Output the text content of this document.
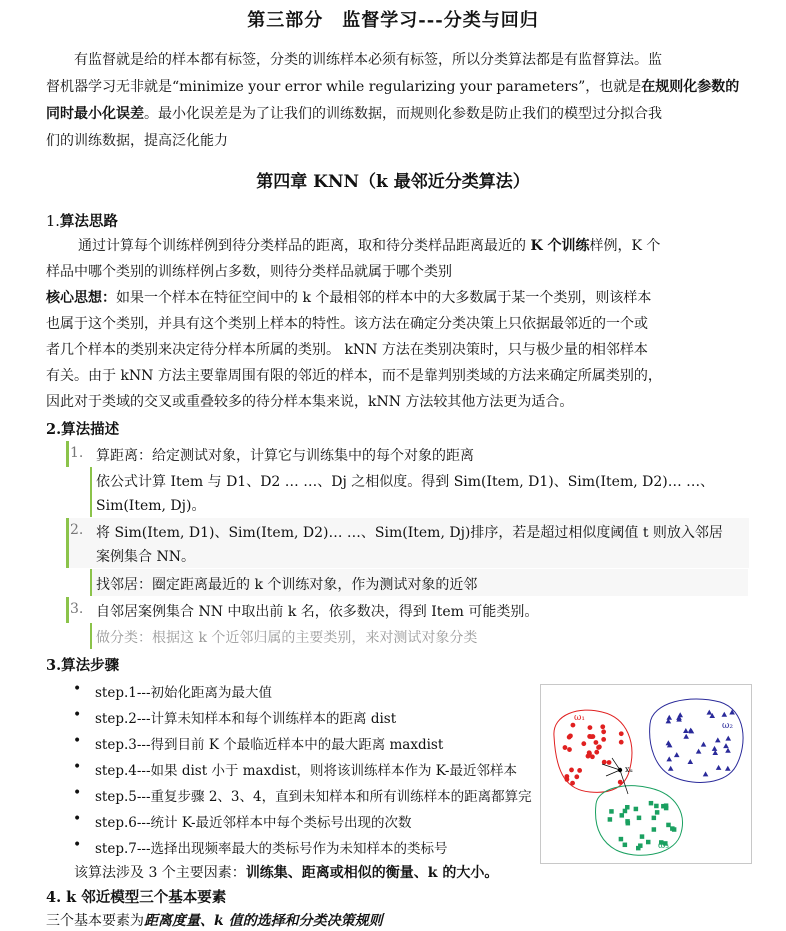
第三部分　监督学习---分类与回归
有监督就是给的样本都有标签，分类的训练样本必须有标签，所以分类算法都是有监督算法。监
督机器学习无非就是“minimize your error while regularizing your parameters”，也就是在规则化参数的
同时最小化误差。最小化误差是为了让我们的训练数据，而规则化参数是防止我们的模型过分拟合我
们的训练数据，提高泛化能力
第四章 KNN（k 最邻近分类算法）
1.算法思路
通过计算每个训练样例到待分类样品的距离，取和待分类样品距离最近的 K 个训练样例，K 个
样品中哪个类别的训练样例占多数，则待分类样品就属于哪个类别
核心思想：如果一个样本在特征空间中的 k 个最相邻的样本中的大多数属于某一个类别，则该样本
也属于这个类别，并具有这个类别上样本的特性。该方法在确定分类决策上只依据最邻近的一个或
者几个样本的类别来决定待分样本所属的类别。 kNN 方法在类别决策时，只与极少量的相邻样本
有关。由于 kNN 方法主要靠周围有限的邻近的样本，而不是靠判别类域的方法来确定所属类别的，
因此对于类域的交叉或重叠较多的待分样本集来说，kNN 方法较其他方法更为适合。
2.算法描述
1. 算距离：给定测试对象，计算它与训练集中的每个对象的距离
依公式计算 Item 与 D1、D2 … …、Dj 之相似度。得到 Sim(Item, D1)、Sim(Item, D2)… …、
Sim(Item, Dj)。
2. 将 Sim(Item, D1)、Sim(Item, D2)… …、Sim(Item, Dj)排序，若是超过相似度阈值 t 则放入邻居
案例集合 NN。
找邻居：圈定距离最近的 k 个训练对象，作为测试对象的近邻
3. 自邻居案例集合 NN 中取出前 k 名，依多数决，得到 Item 可能类别。
做分类：根据这 k 个近邻归属的主要类别，来对测试对象分类
3.算法步骤
• step.1---初始化距离为最大值
• step.2---计算未知样本和每个训练样本的距离 dist
• step.3---得到目前 K 个最临近样本中的最大距离 maxdist
• step.4---如果 dist 小于 maxdist，则将该训练样本作为 K-最近邻样本
• step.5---重复步骤 2、3、4，直到未知样本和所有训练样本的距离都算完
• step.6---统计 K-最近邻样本中每个类标号出现的次数
• step.7---选择出现频率最大的类标号作为未知样本的类标号
该算法涉及 3 个主要因素：训练集、距离或相似的衡量、k 的大小。
xᵤ
ω₁
ω₂
ω₃
4. k 邻近模型三个基本要素
三个基本要素为距离度量、k 值的选择和分类决策规则
